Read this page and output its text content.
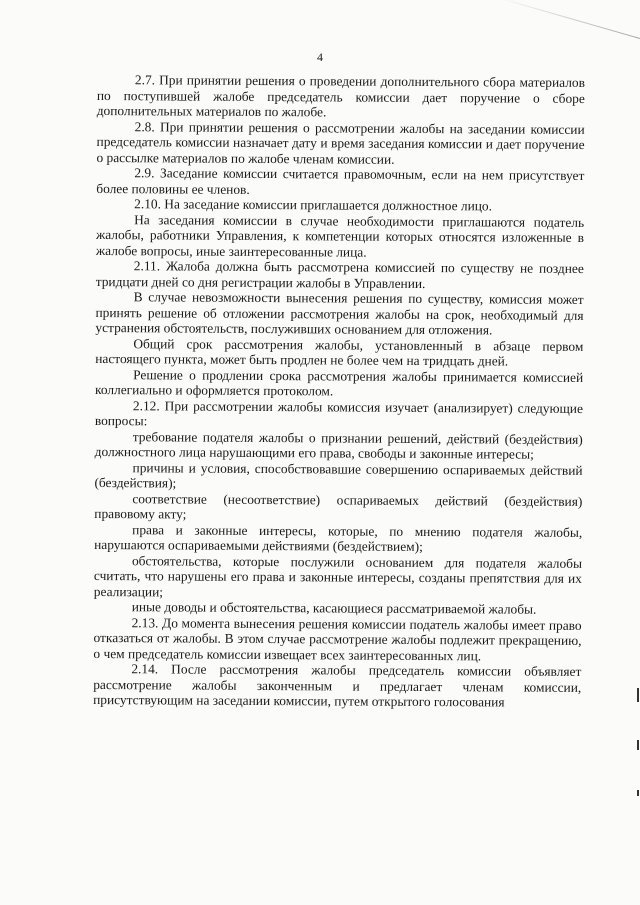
4

2.7. При принятии решения о проведении дополнительного сбора материалов по поступившей жалобе председатель комиссии дает поручение о сборе дополнительных материалов по жалобе.

2.8. При принятии решения о рассмотрении жалобы на заседании комиссии председатель комиссии назначает дату и время заседания комиссии и дает поручение о рассылке материалов по жалобе членам комиссии.

2.9. Заседание комиссии считается правомочным, если на нем присутствует более половины ее членов.

2.10. На заседание комиссии приглашается должностное лицо.

На заседания комиссии в случае необходимости приглашаются податель жалобы, работники Управления, к компетенции которых относятся изложенные в жалобе вопросы, иные заинтересованные лица.

2.11. Жалоба должна быть рассмотрена комиссией по существу не позднее тридцати дней со дня регистрации жалобы в Управлении.

В случае невозможности вынесения решения по существу, комиссия может принять решение об отложении рассмотрения жалобы на срок, необходимый для устранения обстоятельств, послуживших основанием для отложения.

Общий срок рассмотрения жалобы, установленный в абзаце первом настоящего пункта, может быть продлен не более чем на тридцать дней.

Решение о продлении срока рассмотрения жалобы принимается комиссией коллегиально и оформляется протоколом.

2.12. При рассмотрении жалобы комиссия изучает (анализирует) следующие вопросы:

требование подателя жалобы о признании решений, действий (бездействия) должностного лица нарушающими его права, свободы и законные интересы;

причины и условия, способствовавшие совершению оспариваемых действий (бездействия);

соответствие (несоответствие) оспариваемых действий (бездействия) правовому акту;

права и законные интересы, которые, по мнению подателя жалобы, нарушаются оспариваемыми действиями (бездействием);

обстоятельства, которые послужили основанием для подателя жалобы считать, что нарушены его права и законные интересы, созданы препятствия для их реализации;

иные доводы и обстоятельства, касающиеся рассматриваемой жалобы.

2.13. До момента вынесения решения комиссии податель жалобы имеет право отказаться от жалобы. В этом случае рассмотрение жалобы подлежит прекращению, о чем председатель комиссии извещает всех заинтересованных лиц.

2.14. После рассмотрения жалобы председатель комиссии объявляет рассмотрение жалобы законченным и предлагает членам комиссии, присутствующим на заседании комиссии, путем открытого голосования
